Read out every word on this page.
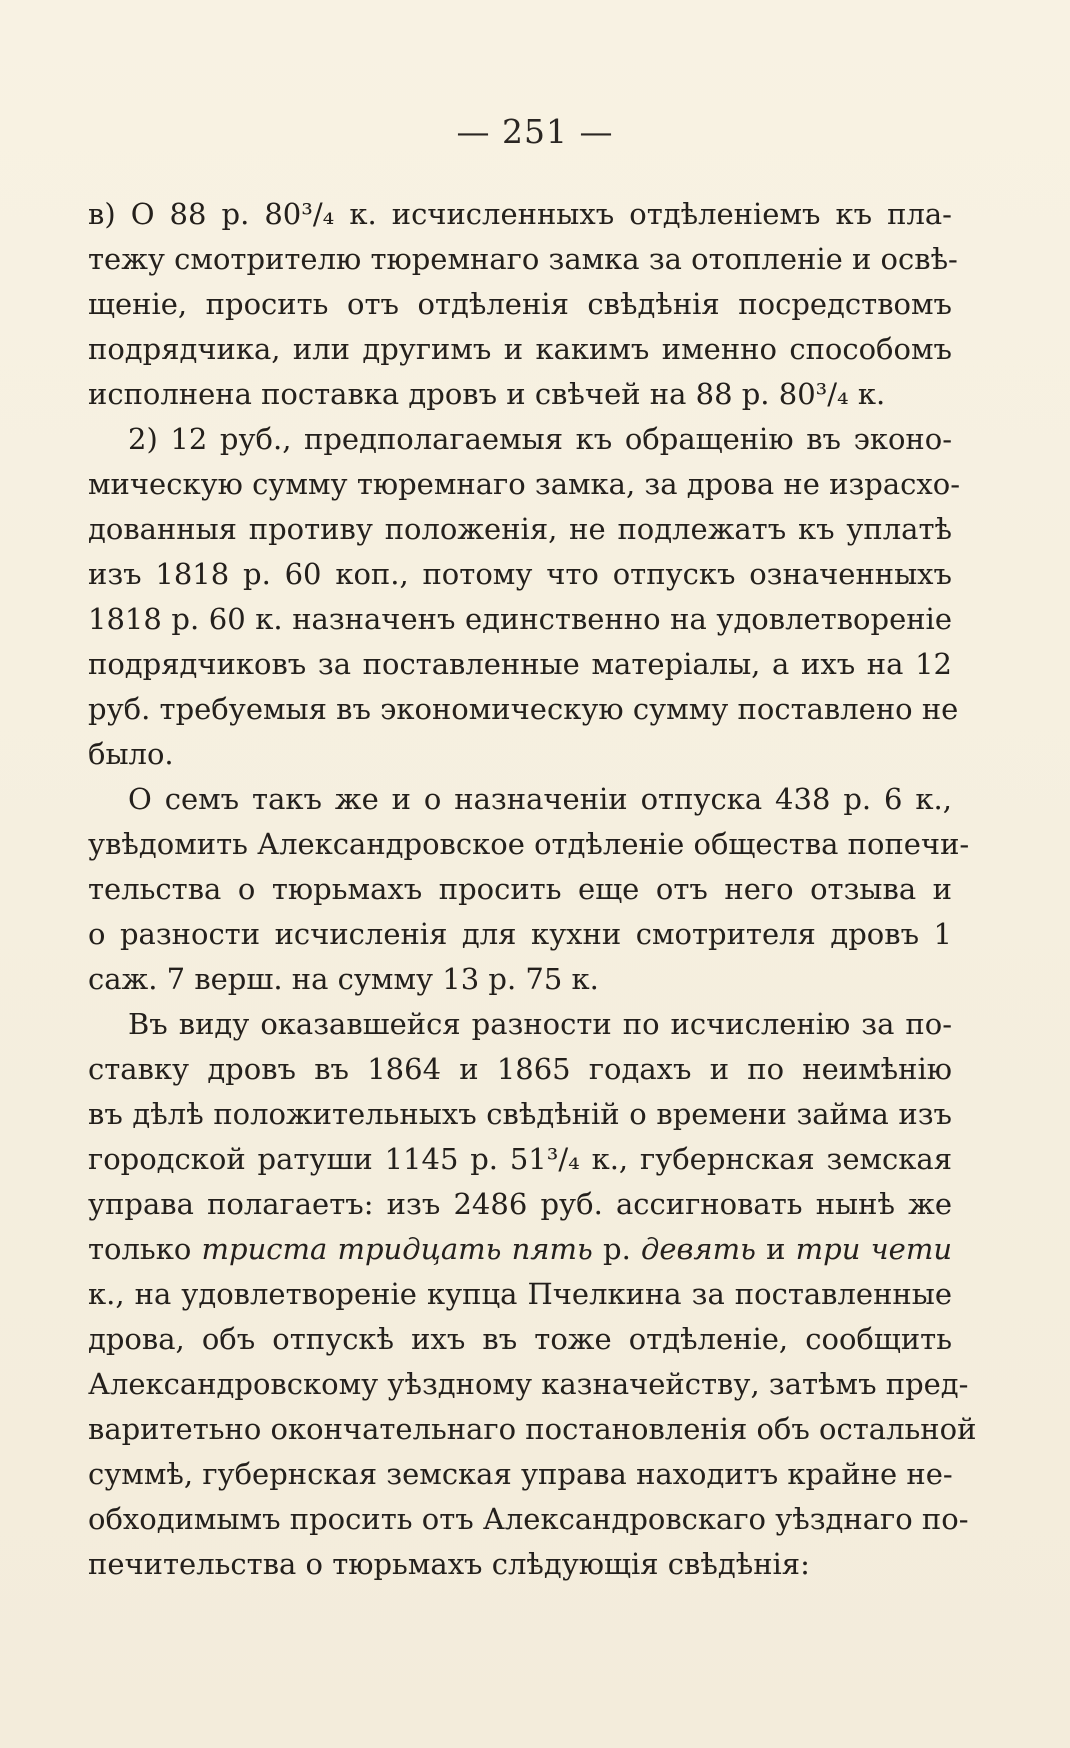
— 251 —
в) О 88 р. 80³/₄ к. исчисленныхъ отдѣленіемъ къ пла-
тежу смотрителю тюремнаго замка за отопленіе и освѣ-
щеніе, просить отъ отдѣленія свѣдѣнія посредствомъ
подрядчика, или другимъ и какимъ именно способомъ
исполнена поставка дровъ и свѣчей на 88 р. 80³/₄ к.
2) 12 руб., предполагаемыя къ обращенію въ эконо-
мическую сумму тюремнаго замка, за дрова не израсхо-
дованныя противу положенія, не подлежатъ къ уплатѣ
изъ 1818 р. 60 коп., потому что отпускъ означенныхъ
1818 р. 60 к. назначенъ единственно на удовлетвореніе
подрядчиковъ за поставленные матеріалы, а ихъ на 12
руб. требуемыя въ экономическую сумму поставлено не
было.
О семъ такъ же и о назначеніи отпуска 438 р. 6 к.,
увѣдомить Александровское отдѣленіе общества попечи-
тельства о тюрьмахъ просить еще отъ него отзыва и
о разности исчисленія для кухни смотрителя дровъ 1
саж. 7 верш. на сумму 13 р. 75 к.
Въ виду оказавшейся разности по исчисленію за по-
ставку дровъ въ 1864 и 1865 годахъ и по неимѣнію
въ дѣлѣ положительныхъ свѣдѣній о времени займа изъ
городской ратуши 1145 р. 51³/₄ к., губернская земская
управа полагаетъ: изъ 2486 руб. ассигновать нынѣ же
только триста тридцать пять р. девять и три чети
к., на удовлетвореніе купца Пчелкина за поставленные
дрова, объ отпускѣ ихъ въ тоже отдѣленіе, сообщить
Александровскому уѣздному казначейству, затѣмъ пред-
варитетьно окончательнаго постановленія объ остальной
суммѣ, губернская земская управа находитъ крайне не-
обходимымъ просить отъ Александровскаго уѣзднаго по-
печительства о тюрьмахъ слѣдующія свѣдѣнія:
